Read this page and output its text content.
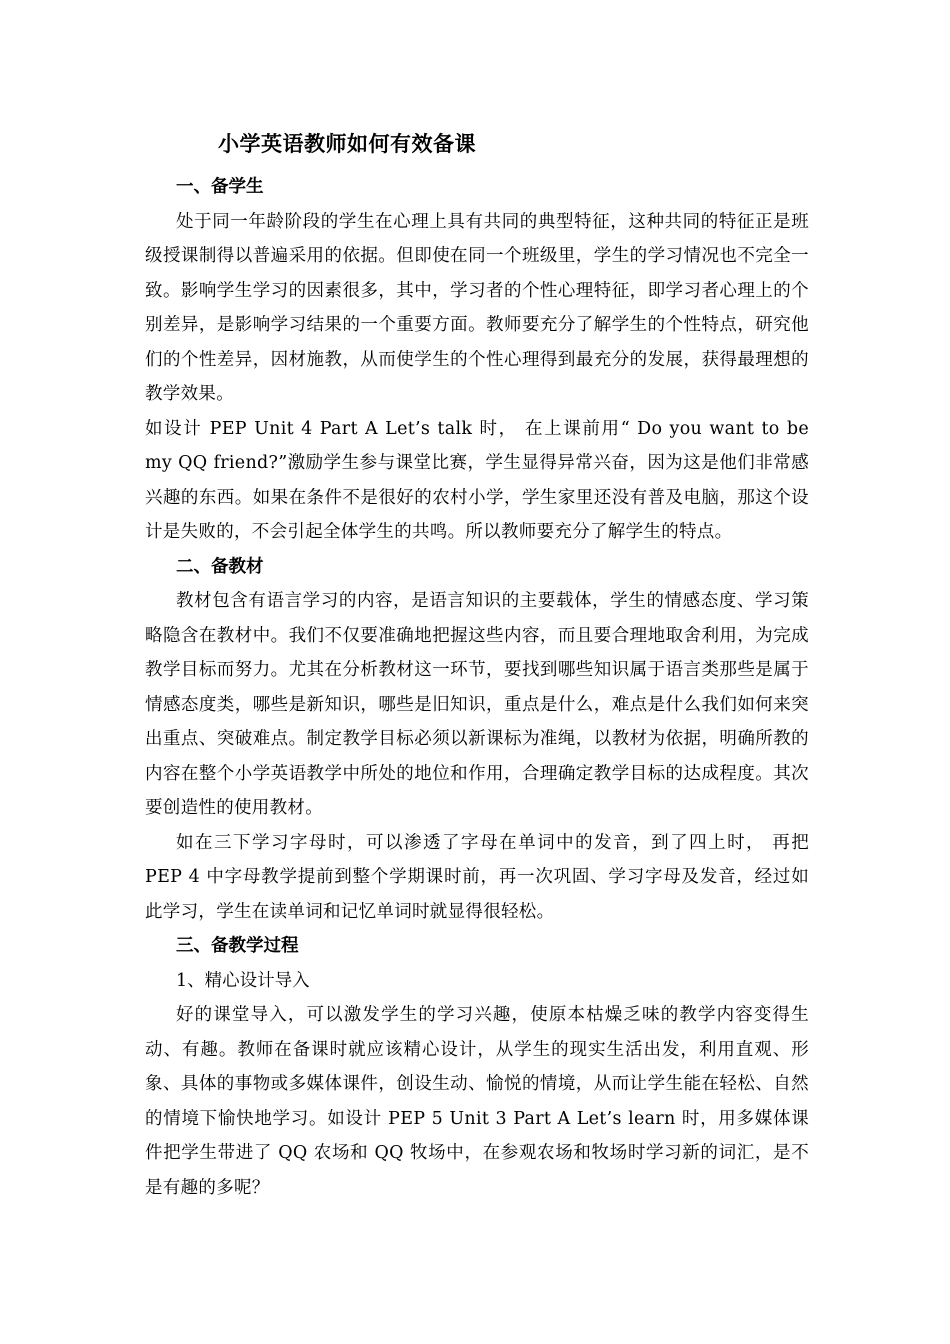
小学英语教师如何有效备课
一、备学生

处于同一年龄阶段的学生在心理上具有共同的典型特征，这种共同的特征正是班级授课制得以普遍采用的依据。但即使在同一个班级里，学生的学习情况也不完全一致。影响学生学习的因素很多，其中，学习者的个性心理特征，即学习者心理上的个别差异，是影响学习结果的一个重要方面。教师要充分了解学生的个性特点，研究他们的个性差异，因材施教，从而使学生的个性心理得到最充分的发展，获得最理想的教学效果。

如设计 PEP Unit 4 Part A Let’s talk 时， 在上课前用“ Do you want to be my QQ friend?”激励学生参与课堂比赛，学生显得异常兴奋，因为这是他们非常感兴趣的东西。如果在条件不是很好的农村小学，学生家里还没有普及电脑，那这个设计是失败的，不会引起全体学生的共鸣。所以教师要充分了解学生的特点。

二、备教材

教材包含有语言学习的内容，是语言知识的主要载体，学生的情感态度、学习策略隐含在教材中。我们不仅要准确地把握这些内容，而且要合理地取舍利用，为完成教学目标而努力。尤其在分析教材这一环节，要找到哪些知识属于语言类那些是属于情感态度类，哪些是新知识，哪些是旧知识，重点是什么，难点是什么我们如何来突出重点、突破难点。制定教学目标必须以新课标为准绳，以教材为依据，明确所教的内容在整个小学英语教学中所处的地位和作用，合理确定教学目标的达成程度。其次要创造性的使用教材。

如在三下学习字母时，可以渗透了字母在单词中的发音，到了四上时， 再把 PEP 4 中字母教学提前到整个学期课时前，再一次巩固、学习字母及发音，经过如此学习，学生在读单词和记忆单词时就显得很轻松。

三、备教学过程

1、精心设计导入

好的课堂导入，可以激发学生的学习兴趣，使原本枯燥乏味的教学内容变得生动、有趣。教师在备课时就应该精心设计，从学生的现实生活出发，利用直观、形象、具体的事物或多媒体课件，创设生动、愉悦的情境，从而让学生能在轻松、自然的情境下愉快地学习。如设计 PEP 5 Unit 3 Part A Let’s learn 时，用多媒体课件把学生带进了 QQ 农场和 QQ 牧场中，在参观农场和牧场时学习新的词汇，是不是有趣的多呢？
